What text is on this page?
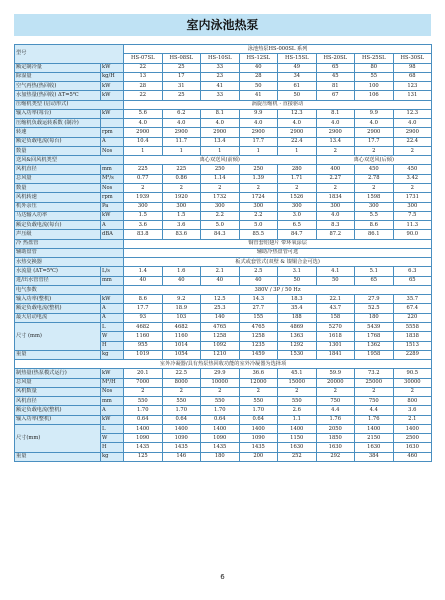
室内泳池热泵
型号		泳池热泵HS-000SL 系列							
		HS-07SL	HS-08SL	HS-10SL	HS-12SL	HS-15SL	HS-20SL	HS-25SL	HS-30SL
额定制冷量	kW	22	25	33	40	49	65	80	98
除湿量	kg/H	13	17	23	28	34	45	55	68
空气再热(热回收)	kW	28	31	41	50	61	81	100	123
水加热量(热回收) ΔT=5℃	kW	22	25	33	41	50	67	106	131
压缩机类型 (启动形式)		涡旋压缩机 · 直接驱动							
输入功率(每台)	kW	5.6	6.2	8.1	9.9	12.3	8.1	9.9	12.3
压缩机负载运转系数 (制冷)		4.0	4.0	4.0	4.0	4.0	4.0	4.0	4.0
转速	rpm	2900	2900	2900	2900	2900	2900	2900	2900
额定负载电流(每台)	A	10.4	11.7	13.4	17.7	22.4	13.4	17.7	22.4
数量	Nos	1	1	1	1	1	2	2	2
送风&回风机类型		离心双送风(前倾)					离心双送风(后倾)		
风机直径	mm	225	225	250	250	280	400	450	450
总风量	M³/s	0.77	0.86	1.14	1.39	1.71	2.27	2.78	3.42
数量	Nos	2	2	2	2	2	2	2	2
风机转速	rpm	1939	1920	1732	1724	1526	1834	1598	1731
机外余压	Pa	300	300	300	300	300	300	300	300
马达输入功率	kW	1.5	1.5	2.2	2.2	3.0	4.0	5.5	7.5
额定负载电流(每台)	A	3.6	3.6	5.0	5.0	6.5	8.3	8.6	11.3
声压级	dBA	83.8	83.6	84.3	85.5	84.7	87.2	86.1	90.0
冷 热盘管		铜管套铝翅片 带环氧涂层							
辅助盘管		辅助冷热盘管可选							
水热交换器		板式或套管式(双壁 & 镍铜合金可选)							
水流量 (ΔT=5℃)	L/s	1.4	1.6	2.1	2.5	3.1	4.1	5.1	6.3
进/出水管管径	mm	40	40	40	40	50	50	65	65
电气参数		380V / 3P / 50 Hz							
输入功率(整机)	kW	8.6	9.2	12.5	14.3	18.3	22.1	27.9	35.7
额定负载电流(整机)	A	17.7	18.9	25.3	27.7	35.4	43.7	52.5	67.4
最大启动电流	A	93	103	140	155	188	158	180	220
尺寸 (mm)	L	4682	4682	4765	4765	4869	5270	5439	5558
	W	1160	1160	1258	1258	1363	1618	1768	1838
	H	955	1014	1092	1235	1292	1301	1362	1513
重量	kg	1019	1054	1210	1459	1530	1841	1958	2289
室外冷凝器/具有热泵热回收功能的室外冷凝器为选择项									
制热量(热泵模式运行)	kW	20.1	22.5	29.9	36.6	45.1	59.9	73.2	90.5
总风量	M³/H	7000	8000	10000	12000	15000	20000	25000	30000
风机数量	Nos	2	2	2	2	2	2	2	2
风机直径	mm	550	550	550	550	550	750	750	800
额定负载电流(整机)	A	1.70	1.70	1.70	1.70	2.6	4.4	4.4	3.6
输入功率(整机)	kW	0.64	0.64	0.64	0.64	1.1	1.76	1.76	2.1
尺寸(mm)	L	1400	1400	1400	1400	1400	2050	1400	1400
	W	1090	1090	1090	1090	1150	1850	2150	2500
	H	1435	1435	1435	1435	1630	1630	1630	1630
重量	kg	125	146	180	200	252	292	384	460
6
